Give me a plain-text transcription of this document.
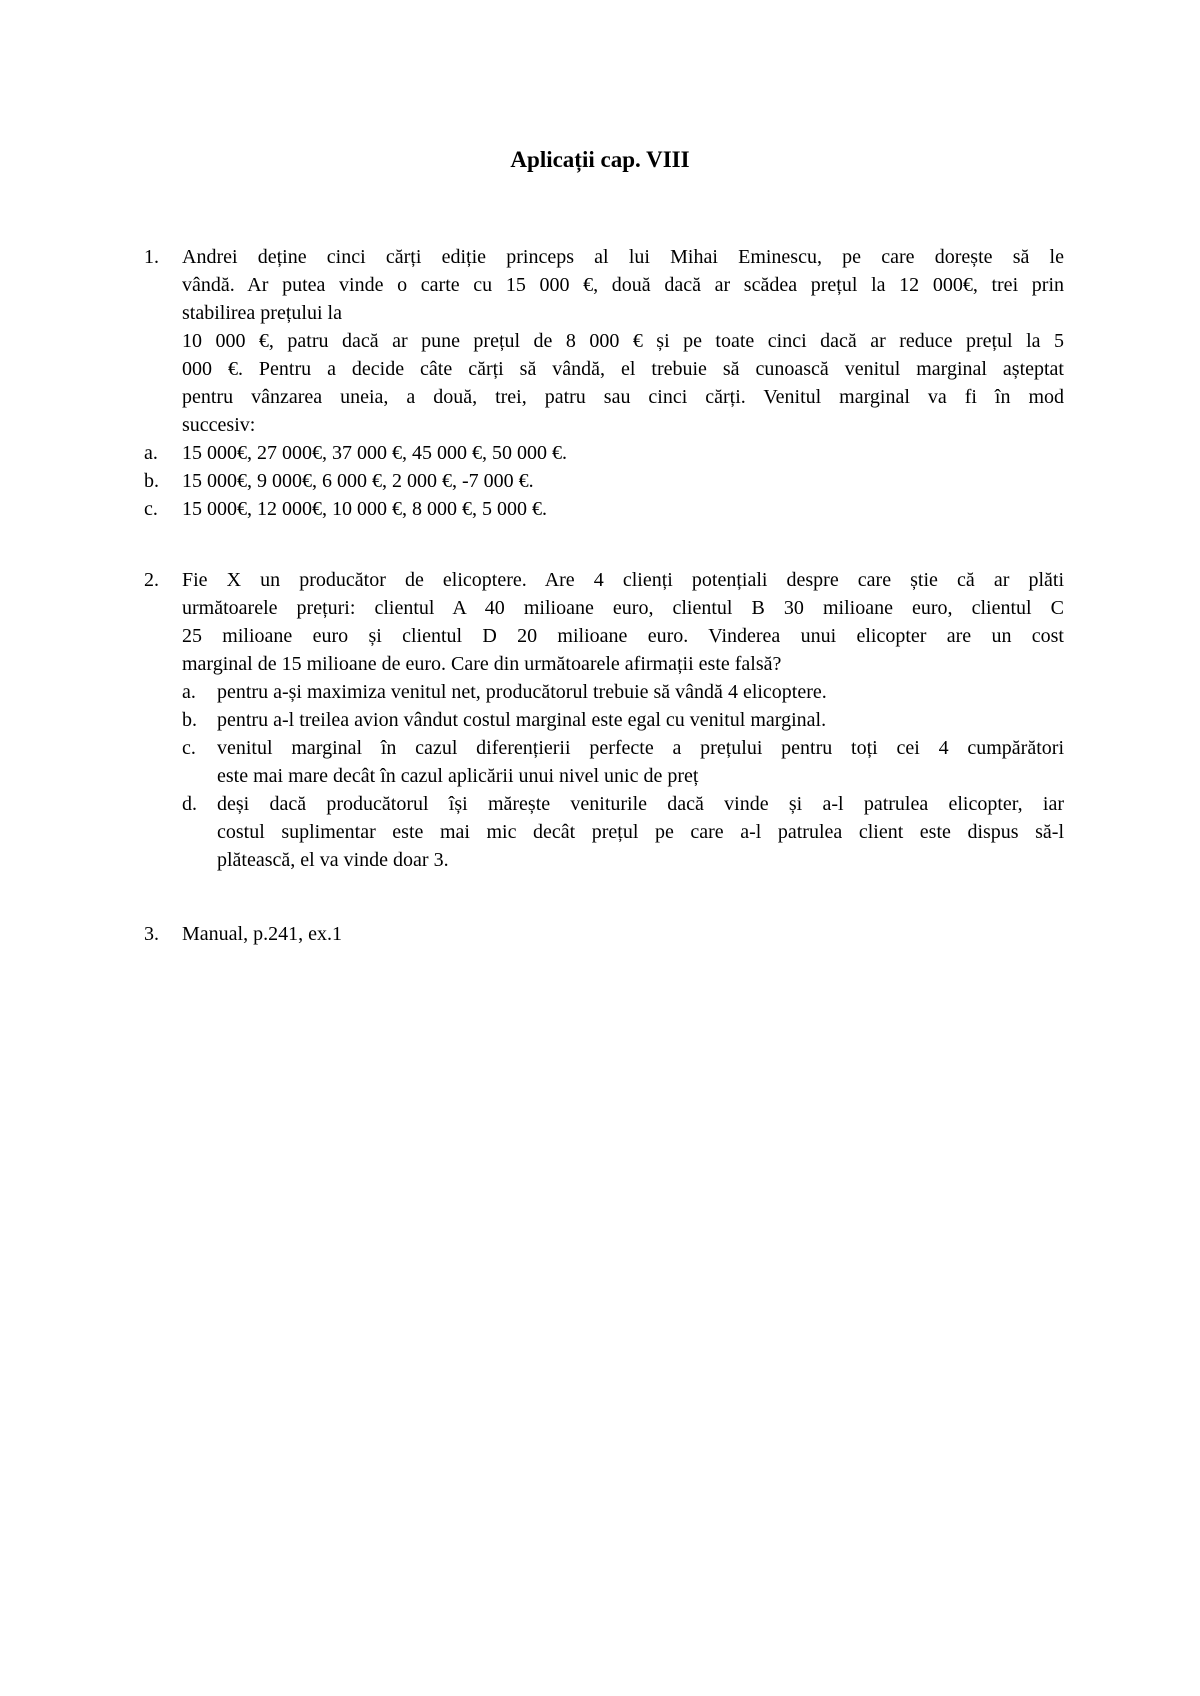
Aplicații cap. VIII
1.	Andrei deține cinci cărți ediție princeps al lui Mihai Eminescu, pe care dorește să le
vândă. Ar putea vinde o carte cu 15 000 €, două dacă ar scădea prețul la 12 000€, trei prin
stabilirea prețului la
10 000 €, patru dacă ar pune prețul de 8 000 € și pe toate cinci dacă ar reduce prețul la 5
000 €. Pentru a decide câte cărți să vândă, el trebuie să cunoască venitul marginal așteptat
pentru vânzarea uneia, a două, trei, patru sau cinci cărți. Venitul marginal va fi în mod
succesiv:
a.	15 000€, 27 000€, 37 000 €, 45 000 €, 50 000 €.
b.	15 000€, 9 000€, 6 000 €, 2 000 €, -7 000 €.
c.	15 000€, 12 000€, 10 000 €, 8 000 €, 5 000 €.
2.	Fie X un producător de elicoptere. Are 4 clienți potențiali despre care știe că ar plăti
următoarele prețuri: clientul A 40 milioane euro, clientul B 30 milioane euro, clientul C
25 milioane euro și clientul D 20 milioane euro. Vinderea unui elicopter are un cost
marginal de 15 milioane de euro. Care din următoarele afirmații este falsă?
a.	pentru a-și maximiza venitul net, producătorul trebuie să vândă 4 elicoptere.
b.	pentru a-l treilea avion vândut costul marginal este egal cu venitul marginal.
c.	venitul marginal în cazul diferențierii perfecte a prețului pentru toți cei 4 cumpărători
este mai mare decât în cazul aplicării unui nivel unic de preț
d.	deși dacă producătorul își mărește veniturile dacă vinde și a-l patrulea elicopter, iar
costul suplimentar este mai mic decât prețul pe care a-l patrulea client este dispus să-l
plătească, el va vinde doar 3.
3.	Manual, p.241, ex.1
